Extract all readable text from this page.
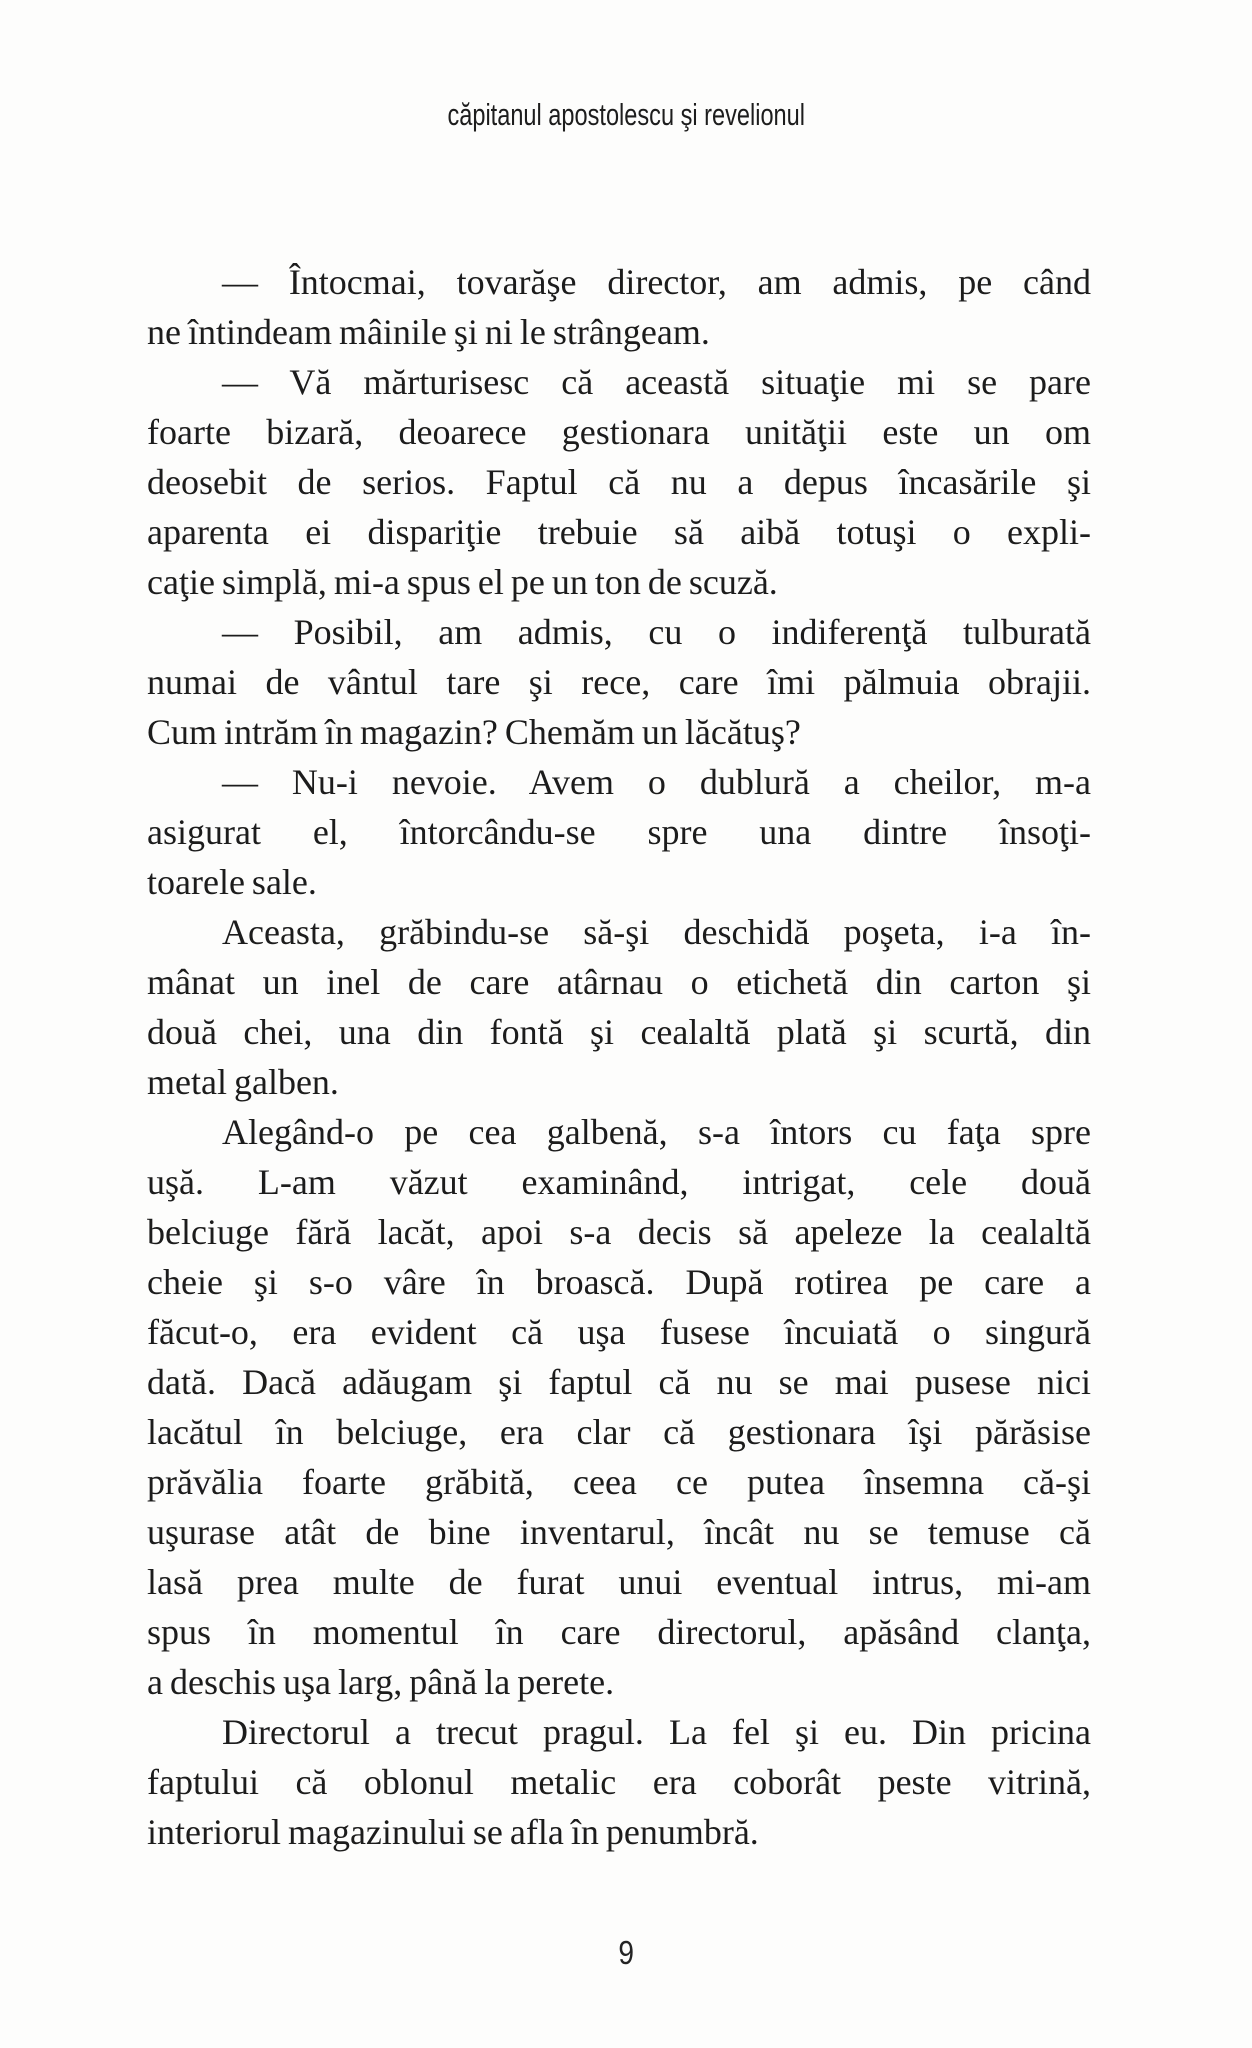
căpitanul apostolescu şi revelionul
— Întocmai, tovarăşe director, am admis, pe când
ne întindeam mâinile şi ni le strângeam.
— Vă mărturisesc că această situaţie mi se pare
foarte bizară, deoarece gestionara unităţii este un om
deosebit de serios. Faptul că nu a depus încasările şi
aparenta ei dispariţie trebuie să aibă totuşi o expli-
caţie simplă, mi-a spus el pe un ton de scuză.
— Posibil, am admis, cu o indiferenţă tulburată
numai de vântul tare şi rece, care îmi pălmuia obrajii.
Cum intrăm în magazin? Chemăm un lăcătuş?
— Nu-i nevoie. Avem o dublură a cheilor, m-a
asigurat el, întorcându-se spre una dintre însoţi-
toarele sale.
Aceasta, grăbindu-se să-şi deschidă poşeta, i-a în-
mânat un inel de care atârnau o etichetă din carton şi
două chei, una din fontă şi cealaltă plată şi scurtă, din
metal galben.
Alegând-o pe cea galbenă, s-a întors cu faţa spre
uşă. L-am văzut examinând, intrigat, cele două
belciuge fără lacăt, apoi s-a decis să apeleze la cealaltă
cheie şi s-o vâre în broască. După rotirea pe care a
făcut-o, era evident că uşa fusese încuiată o singură
dată. Dacă adăugam şi faptul că nu se mai pusese nici
lacătul în belciuge, era clar că gestionara îşi părăsise
prăvălia foarte grăbită, ceea ce putea însemna că-şi
uşurase atât de bine inventarul, încât nu se temuse că
lasă prea multe de furat unui eventual intrus, mi-am
spus în momentul în care directorul, apăsând clanţa,
a deschis uşa larg, până la perete.
Directorul a trecut pragul. La fel şi eu. Din pricina
faptului că oblonul metalic era coborât peste vitrină,
interiorul magazinului se afla în penumbră.
9
